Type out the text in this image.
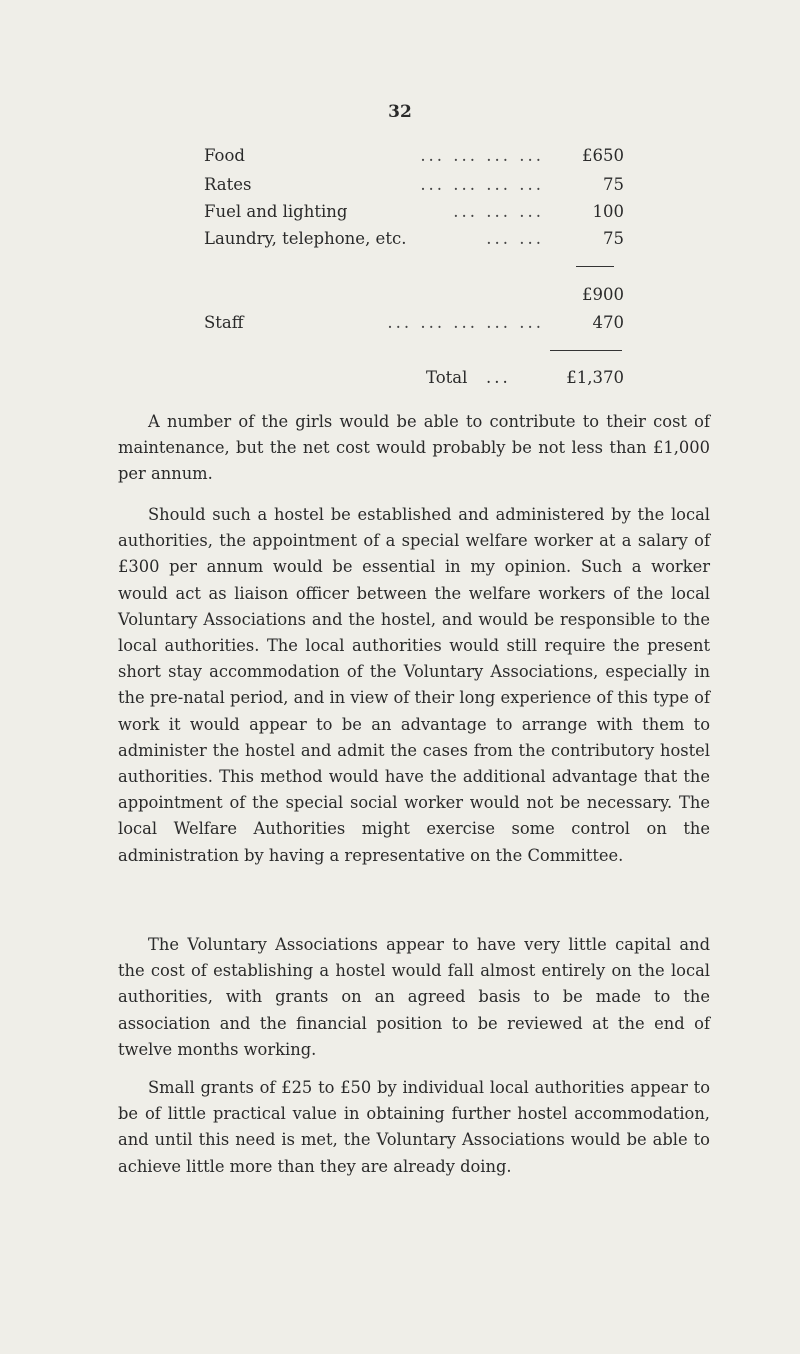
32
Food	... ... ... ...	£650
Rates	... ... ... ...	75
Fuel and lighting	... ... ...	100
Laundry, telephone, etc.	... ...	75
£900
Staff	... ... ... ... ...	470
Total ...	£1,370

A number of the girls would be able to contribute to their cost of maintenance, but the net cost would probably be not less than £1,000 per annum.

Should such a hostel be established and administered by the local authorities, the appointment of a special welfare worker at a salary of £300 per annum would be essential in my opinion. Such a worker would act as liaison officer between the welfare workers of the local Voluntary Associations and the hostel, and would be responsible to the local authorities. The local authorities would still require the present short stay accommodation of the Voluntary Associations, especially in the pre-natal period, and in view of their long experience of this type of work it would appear to be an advantage to arrange with them to administer the hostel and admit the cases from the contributory hostel authorities. This method would have the additional advantage that the appointment of the special social worker would not be necessary. The local Welfare Authorities might exercise some control on the administration by having a representative on the Committee.

The Voluntary Associations appear to have very little capital and the cost of establishing a hostel would fall almost entirely on the local authorities, with grants on an agreed basis to be made to the association and the financial position to be reviewed at the end of twelve months working.

Small grants of £25 to £50 by individual local authorities appear to be of little practical value in obtaining further hostel accommodation, and until this need is met, the Voluntary Associations would be able to achieve little more than they are already doing.
